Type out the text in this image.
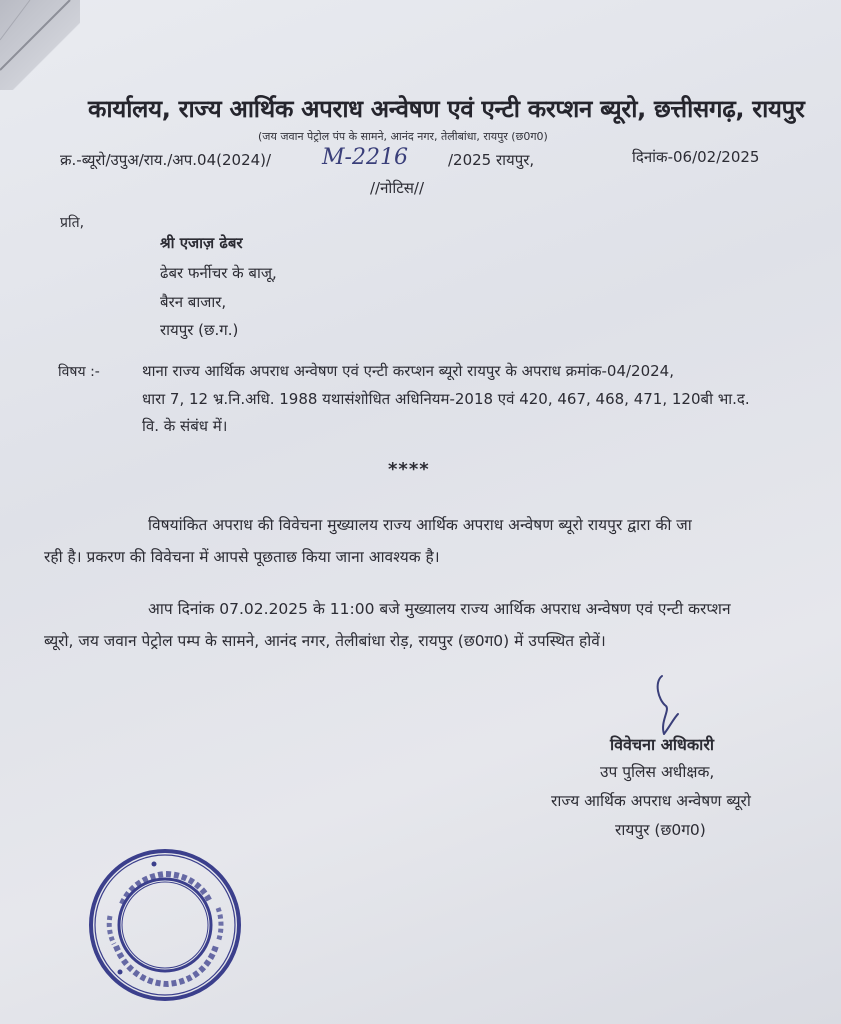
कार्यालय, राज्य आर्थिक अपराध अन्वेषण एवं एन्टी करप्शन ब्यूरो, छत्तीसगढ़, रायपुर
(जय जवान पेट्रोल पंप के सामने, आनंद नगर, तेलीबांधा, रायपुर (छ0ग0)
क्र.-ब्यूरो/उपुअ/राय./अप.04(2024)/ M-2216	/2025 रायपुर,	दिनांक-06/02/2025
//नोटिस//
प्रति,
श्री एजाज़ ढेबर
ढेबर फर्नीचर के बाजू,
बैरन बाजार,
रायपुर (छ.ग.)
विषय :-	थाना राज्य आर्थिक अपराध अन्वेषण एवं एन्टी करप्शन ब्यूरो रायपुर के अपराध क्रमांक-04/2024,
धारा 7, 12 भ्र.नि.अधि. 1988 यथासंशोधित अधिनियम-2018 एवं 420, 467, 468, 471, 120बी भा.द.
वि. के संबंध में।
****
विषयांकित अपराध की विवेचना मुख्यालय राज्य आर्थिक अपराध अन्वेषण ब्यूरो रायपुर द्वारा की जा
रही है। प्रकरण की विवेचना में आपसे पूछताछ किया जाना आवश्यक है।
आप दिनांक 07.02.2025 के 11:00 बजे मुख्यालय राज्य आर्थिक अपराध अन्वेषण एवं एन्टी करप्शन
ब्यूरो, जय जवान पेट्रोल पम्प के सामने, आनंद नगर, तेलीबांधा रोड़, रायपुर (छ0ग0) में उपस्थित होवें।
विवेचना अधिकारी
उप पुलिस अधीक्षक,
राज्य आर्थिक अपराध अन्वेषण ब्यूरो
रायपुर (छ0ग0)
